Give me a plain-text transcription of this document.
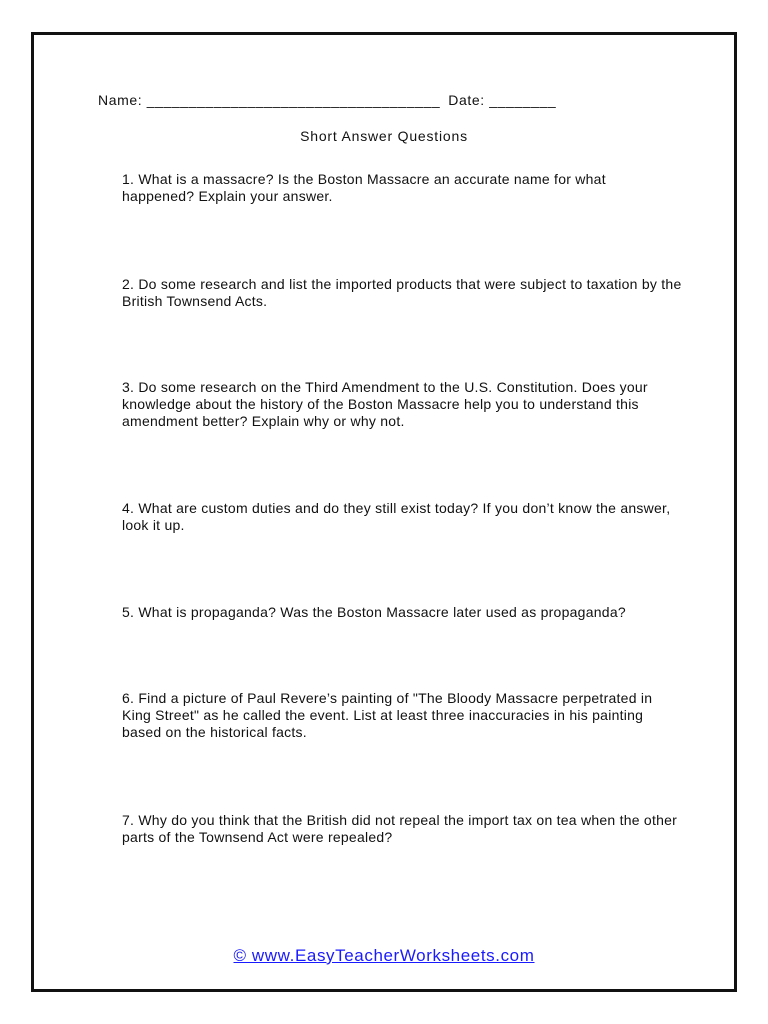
Name: ___________________________________ Date: ________
Short Answer Questions
1. What is a massacre? Is the Boston Massacre an accurate name for what happened? Explain your answer.
2. Do some research and list the imported products that were subject to taxation by the British Townsend Acts.
3. Do some research on the Third Amendment to the U.S. Constitution. Does your knowledge about the history of the Boston Massacre help you to understand this amendment better? Explain why or why not.
4. What are custom duties and do they still exist today? If you don’t know the answer, look it up.
5. What is propaganda? Was the Boston Massacre later used as propaganda?
6. Find a picture of Paul Revere’s painting of "The Bloody Massacre perpetrated in King Street" as he called the event. List at least three inaccuracies in his painting based on the historical facts.
7. Why do you think that the British did not repeal the import tax on tea when the other parts of the Townsend Act were repealed?
© www.EasyTeacherWorksheets.com
